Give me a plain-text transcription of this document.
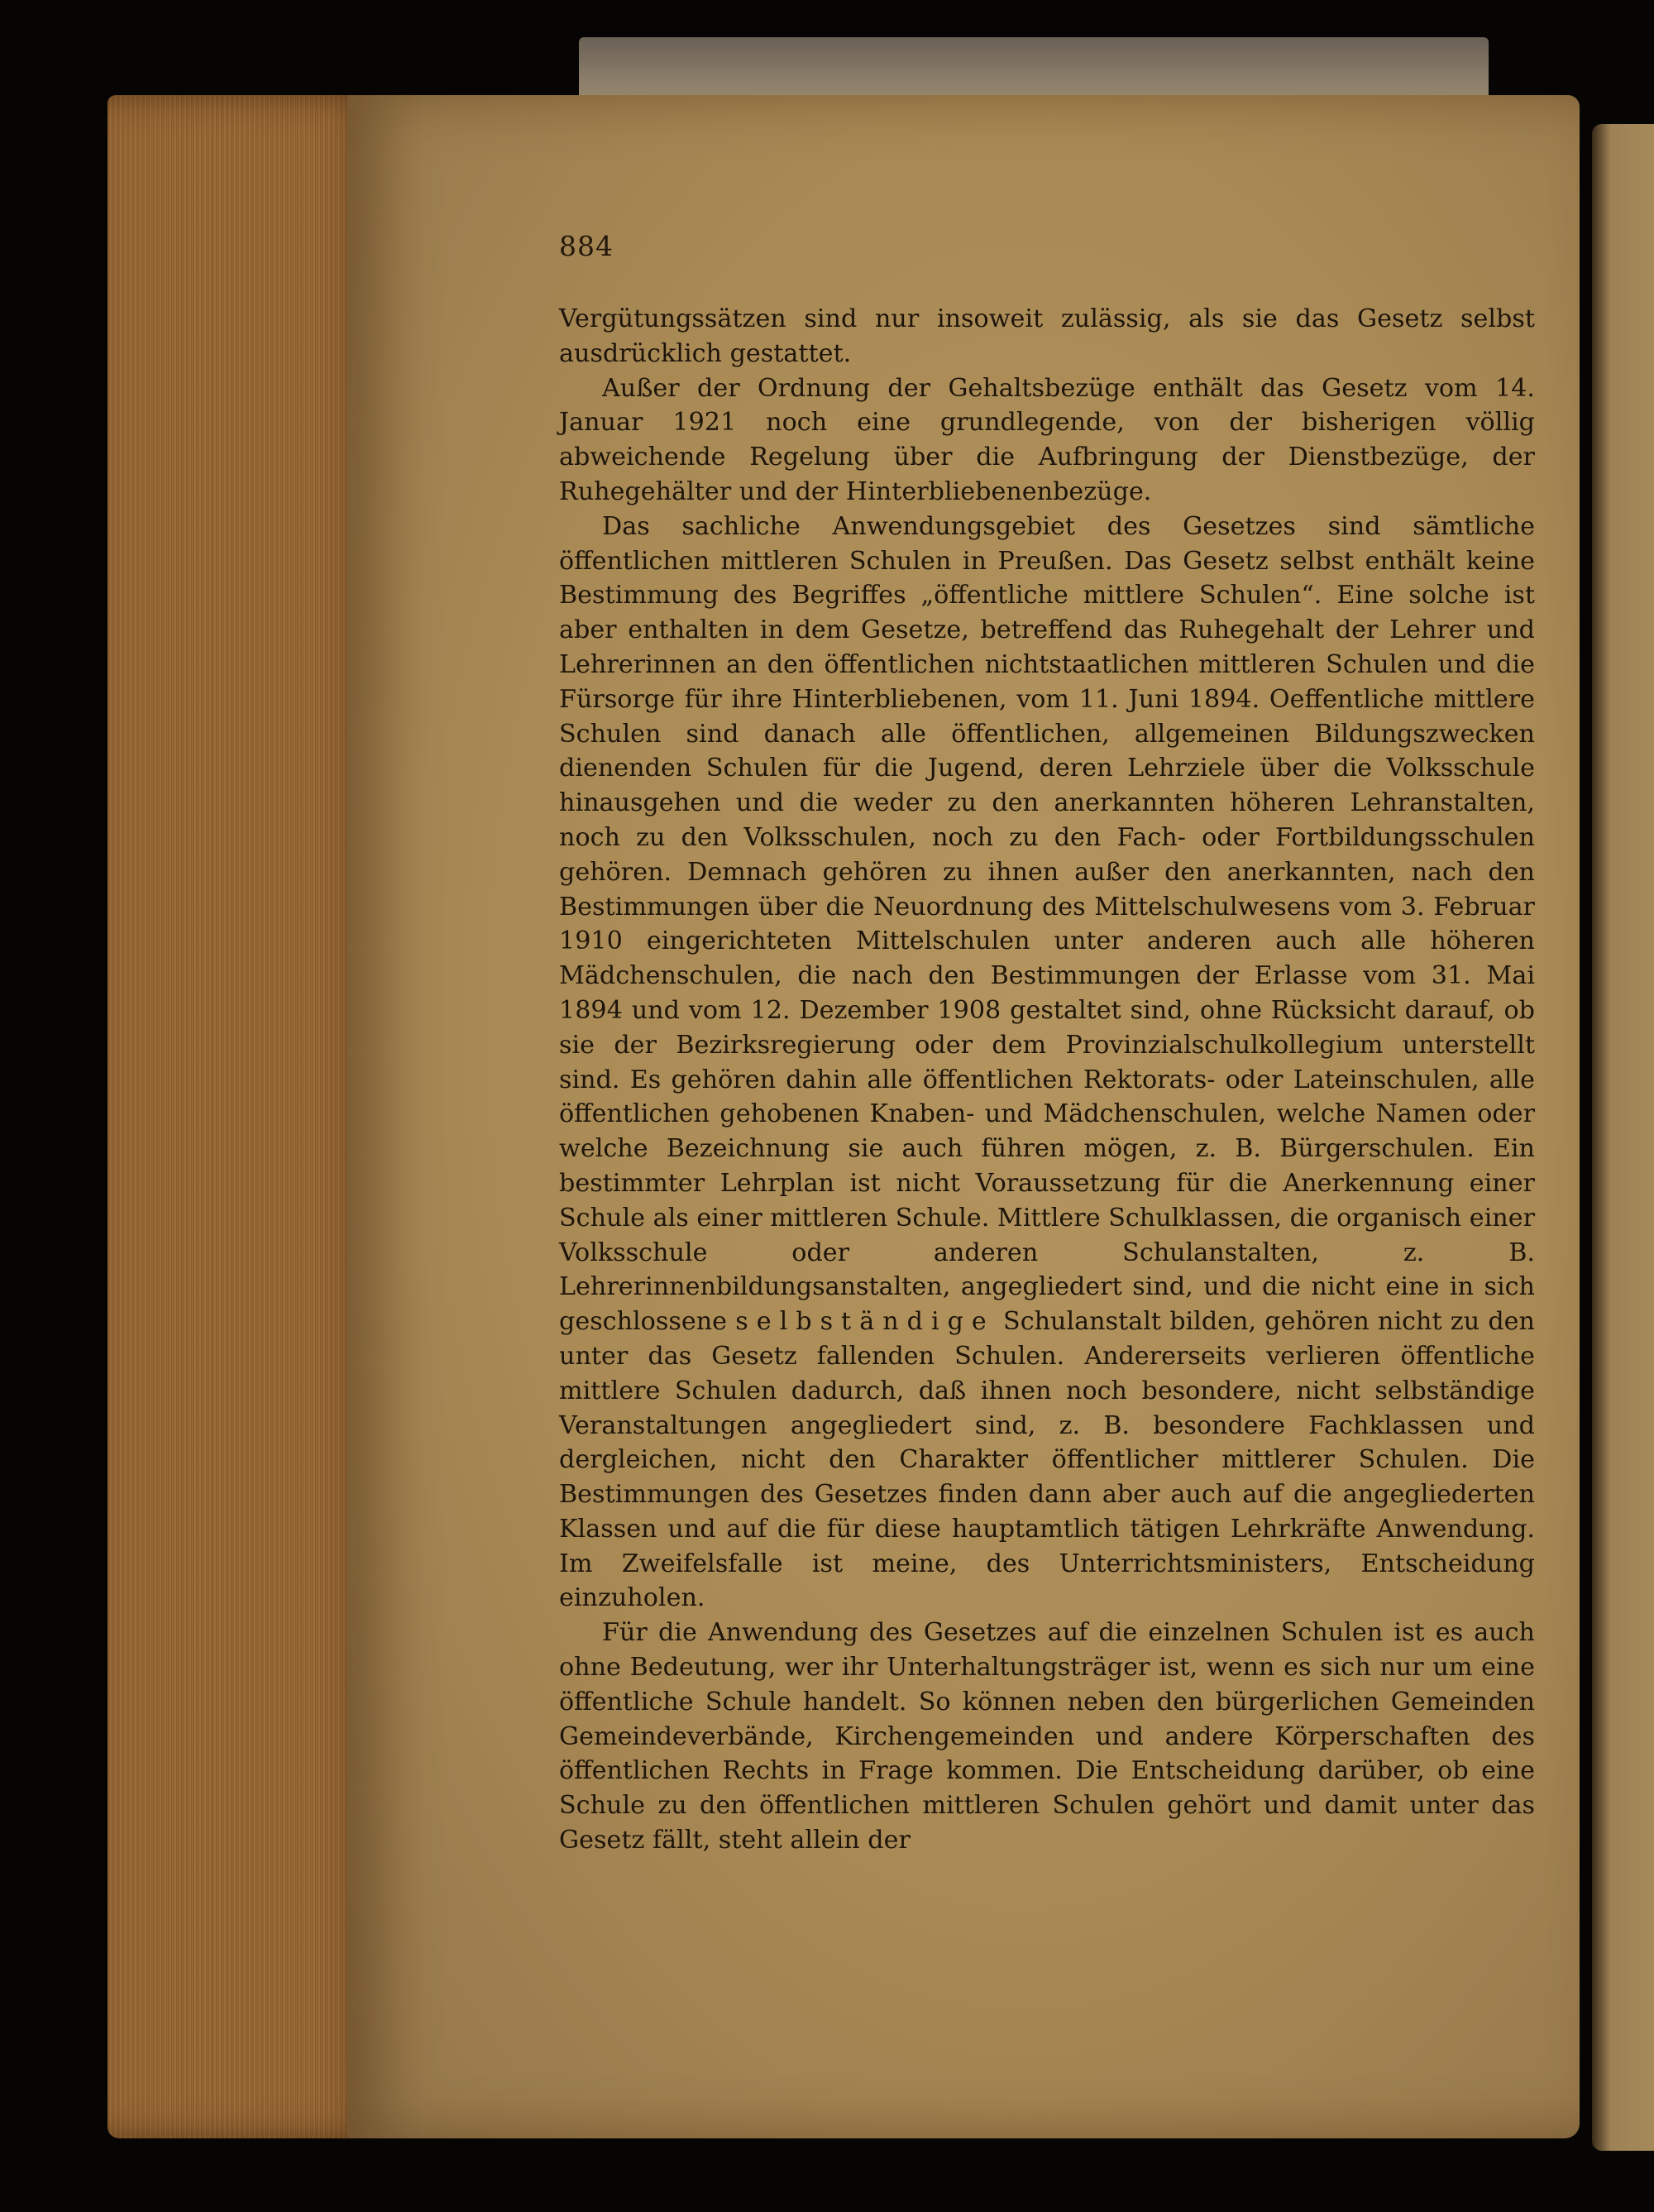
884

Vergütungssätzen sind nur insoweit zulässig, als sie das Gesetz selbst ausdrücklich gestattet.

Außer der Ordnung der Gehaltsbezüge enthält das Gesetz vom 14. Januar 1921 noch eine grundlegende, von der bisherigen völlig abweichende Regelung über die Aufbringung der Dienstbezüge, der Ruhegehälter und der Hinterbliebenenbezüge.

Das sachliche Anwendungsgebiet des Gesetzes sind sämtliche öffentlichen mittleren Schulen in Preußen. Das Gesetz selbst enthält keine Bestimmung des Begriffes „öffentliche mittlere Schulen“. Eine solche ist aber enthalten in dem Gesetze, betreffend das Ruhegehalt der Lehrer und Lehrerinnen an den öffentlichen nichtstaatlichen mittleren Schulen und die Fürsorge für ihre Hinterbliebenen, vom 11. Juni 1894. Oeffentliche mittlere Schulen sind danach alle öffentlichen, allgemeinen Bildungszwecken dienenden Schulen für die Jugend, deren Lehrziele über die Volksschule hinausgehen und die weder zu den anerkannten höheren Lehranstalten, noch zu den Volksschulen, noch zu den Fach- oder Fortbildungsschulen gehören. Demnach gehören zu ihnen außer den anerkannten, nach den Bestimmungen über die Neuordnung des Mittelschulwesens vom 3. Februar 1910 eingerichteten Mittelschulen unter anderen auch alle höheren Mädchenschulen, die nach den Bestimmungen der Erlasse vom 31. Mai 1894 und vom 12. Dezember 1908 gestaltet sind, ohne Rücksicht darauf, ob sie der Bezirksregierung oder dem Provinzialschulkollegium unterstellt sind. Es gehören dahin alle öffentlichen Rektorats- oder Lateinschulen, alle öffentlichen gehobenen Knaben- und Mädchenschulen, welche Namen oder welche Bezeichnung sie auch führen mögen, z. B. Bürgerschulen. Ein bestimmter Lehrplan ist nicht Voraussetzung für die Anerkennung einer Schule als einer mittleren Schule. Mittlere Schulklassen, die organisch einer Volksschule oder anderen Schulanstalten, z. B. Lehrerinnenbildungsanstalten, angegliedert sind, und die nicht eine in sich geschlossene selbständige Schulanstalt bilden, gehören nicht zu den unter das Gesetz fallenden Schulen. Andererseits verlieren öffentliche mittlere Schulen dadurch, daß ihnen noch besondere, nicht selbständige Veranstaltungen angegliedert sind, z. B. besondere Fachklassen und dergleichen, nicht den Charakter öffentlicher mittlerer Schulen. Die Bestimmungen des Gesetzes finden dann aber auch auf die angegliederten Klassen und auf die für diese hauptamtlich tätigen Lehrkräfte Anwendung. Im Zweifelsfalle ist meine, des Unterrichtsministers, Entscheidung einzuholen.

Für die Anwendung des Gesetzes auf die einzelnen Schulen ist es auch ohne Bedeutung, wer ihr Unterhaltungsträger ist, wenn es sich nur um eine öffentliche Schule handelt. So können neben den bürgerlichen Gemeinden Gemeindeverbände, Kirchengemeinden und andere Körperschaften des öffentlichen Rechts in Frage kommen. Die Entscheidung darüber, ob eine Schule zu den öffentlichen mittleren Schulen gehört und damit unter das Gesetz fällt, steht allein der
